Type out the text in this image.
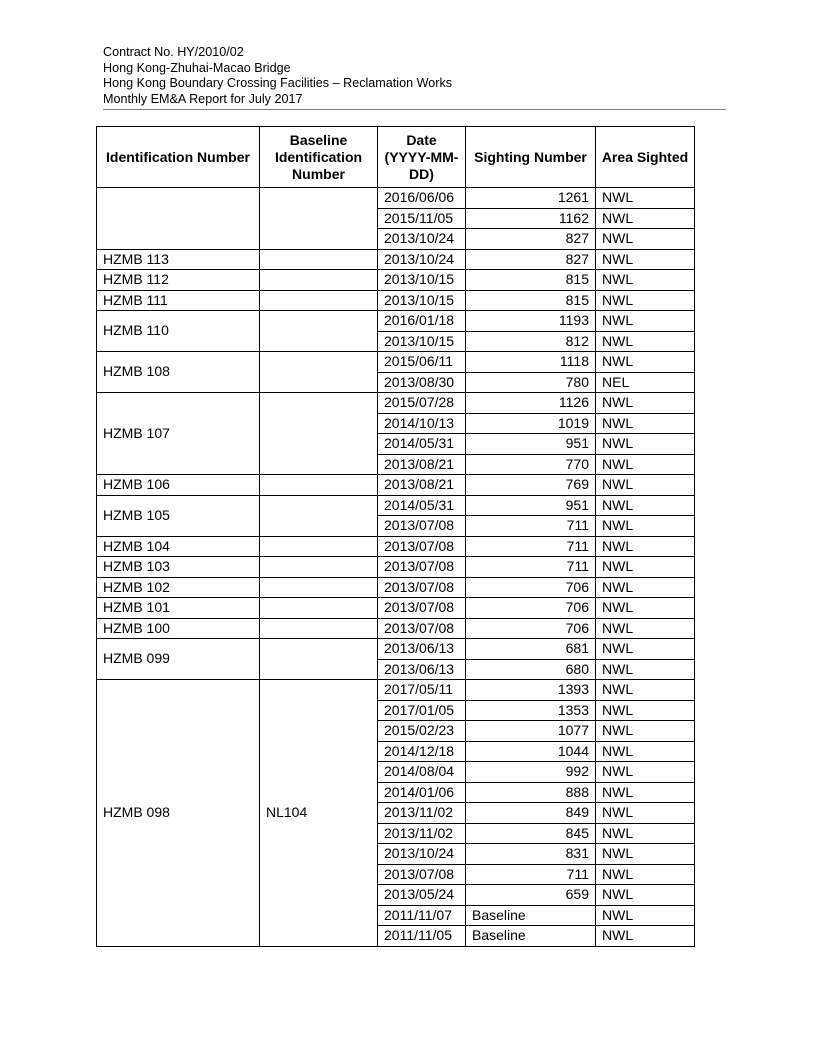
Contract No. HY/2010/02
Hong Kong-Zhuhai-Macao Bridge
Hong Kong Boundary Crossing Facilities – Reclamation Works
Monthly EM&A Report for July 2017
Identification Number	Baseline Identification Number	Date (YYYY-MM-DD)	Sighting Number	Area Sighted
		2016/06/06	1261	NWL
		2015/11/05	1162	NWL
		2013/10/24	827	NWL
HZMB 113		2013/10/24	827	NWL
HZMB 112		2013/10/15	815	NWL
HZMB 111		2013/10/15	815	NWL
HZMB 110		2016/01/18	1193	NWL
		2013/10/15	812	NWL
HZMB 108		2015/06/11	1118	NWL
		2013/08/30	780	NEL
HZMB 107		2015/07/28	1126	NWL
		2014/10/13	1019	NWL
		2014/05/31	951	NWL
		2013/08/21	770	NWL
HZMB 106		2013/08/21	769	NWL
HZMB 105		2014/05/31	951	NWL
		2013/07/08	711	NWL
HZMB 104		2013/07/08	711	NWL
HZMB 103		2013/07/08	711	NWL
HZMB 102		2013/07/08	706	NWL
HZMB 101		2013/07/08	706	NWL
HZMB 100		2013/07/08	706	NWL
HZMB 099		2013/06/13	681	NWL
		2013/06/13	680	NWL
HZMB 098	NL104	2017/05/11	1393	NWL
		2017/01/05	1353	NWL
		2015/02/23	1077	NWL
		2014/12/18	1044	NWL
		2014/08/04	992	NWL
		2014/01/06	888	NWL
		2013/11/02	849	NWL
		2013/11/02	845	NWL
		2013/10/24	831	NWL
		2013/07/08	711	NWL
		2013/05/24	659	NWL
		2011/11/07	Baseline	NWL
		2011/11/05	Baseline	NWL
